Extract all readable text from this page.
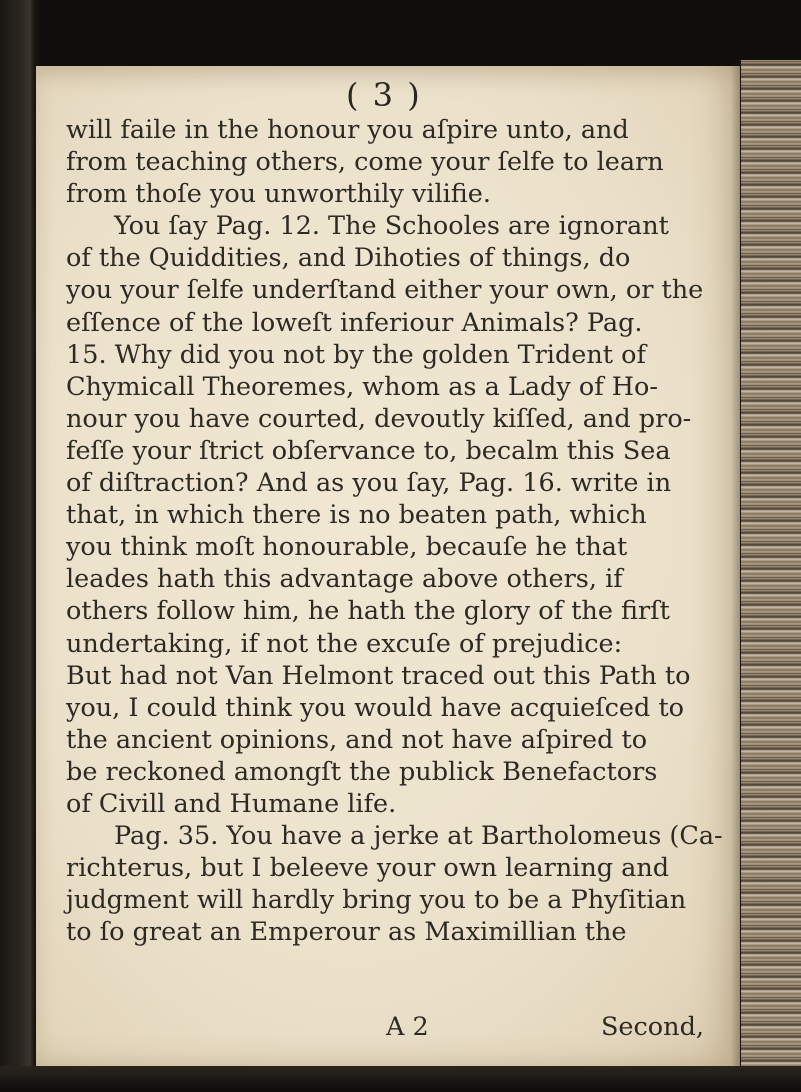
( 3 )
will faile in the honour you aſpire unto, and
from teaching others, come your ſelfe to learn
from thoſe you unworthily vilifie.
You ſay Pag. 12. The Schooles are ignorant
of the Quiddities, and Dihoties of things, do
you your ſelfe underſtand either your own, or the
eſſence of the loweſt inferiour Animals? Pag.
15. Why did you not by the golden Trident of
Chymicall Theoremes, whom as a Lady of Ho-
nour you have courted, devoutly kiſſed, and pro-
feſſe your ſtrict obſervance to, becalm this Sea
of diſtraction? And as you ſay, Pag. 16. write in
that, in which there is no beaten path, which
you think moſt honourable, becauſe he that
leades hath this advantage above others, if
others follow him, he hath the glory of the firſt
undertaking, if not the excuſe of prejudice:
But had not Van Helmont traced out this Path to
you, I could think you would have acquieſced to
the ancient opinions, and not have aſpired to
be reckoned amongſt the publick Benefactors
of Civill and Humane life.
Pag. 35. You have a jerke at Bartholomeus (Ca-
richterus, but I beleeve your own learning and
judgment will hardly bring you to be a Phyſitian
to ſo great an Emperour as Maximillian the
A 2	Second,
